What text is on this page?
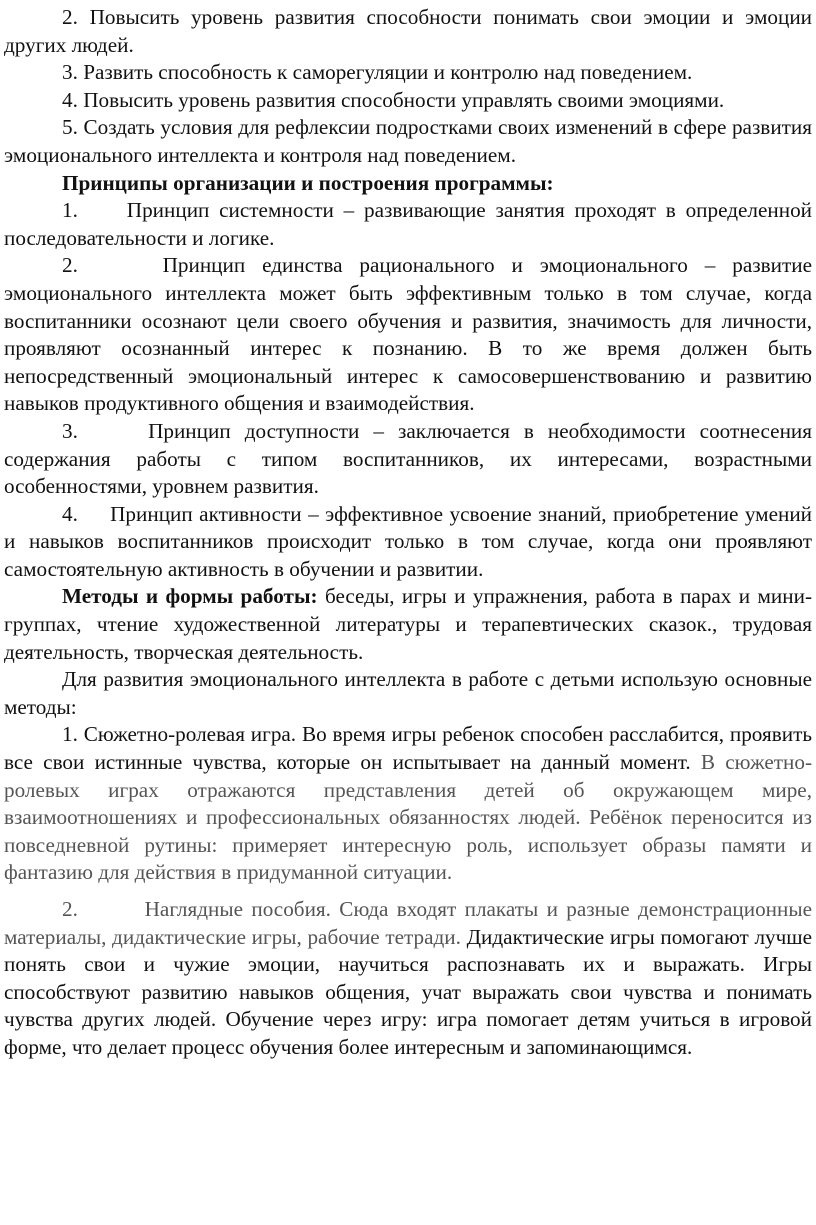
2. Повысить уровень развития способности понимать свои эмоции и эмоции других людей.

3. Развить способность к саморегуляции и контролю над поведением.

4. Повысить уровень развития способности управлять своими эмоциями.

5. Создать условия для рефлексии подростками своих изменений в сфере развития эмоционального интеллекта и контроля над поведением.

Принципы организации и построения программы:

1.     Принцип системности – развивающие занятия проходят в определенной последовательности и логике.

2.     Принцип единства рационального и эмоционального – развитие эмоционального интеллекта может быть эффективным только в том случае, когда воспитанники осознают цели своего обучения и развития, значимость для личности, проявляют осознанный интерес к познанию. В то же время должен быть непосредственный эмоциональный интерес к самосовершенствованию и развитию навыков продуктивного общения и взаимодействия.

3.     Принцип доступности – заключается в необходимости соотнесения содержания работы с типом воспитанников, их интересами, возрастными особенностями, уровнем развития.

4.     Принцип активности – эффективное усвоение знаний, приобретение умений и навыков воспитанников происходит только в том случае, когда они проявляют самостоятельную активность в обучении и развитии.

Методы и формы работы: беседы, игры и упражнения, работа в парах и мини-группах, чтение художественной литературы и терапевтических сказок., трудовая деятельность, творческая деятельность.

Для развития эмоционального интеллекта в работе с детьми использую основные методы:

1. Сюжетно-ролевая игра. Во время игры ребенок способен расслабится, проявить все свои истинные чувства, которые он испытывает на данный момент. В сюжетно-ролевых играх отражаются представления детей об окружающем мире, взаимоотношениях и профессиональных обязанностях людей. Ребёнок переносится из повседневной рутины: примеряет интересную роль, использует образы памяти и фантазию для действия в придуманной ситуации.

2.        Наглядные пособия. Сюда входят плакаты и разные демонстрационные материалы, дидактические игры, рабочие тетради. Дидактические игры помогают лучше понять свои и чужие эмоции, научиться распознавать их и выражать. Игры способствуют развитию навыков общения, учат выражать свои чувства и понимать чувства других людей. Обучение через игру: игра помогает детям учиться в игровой форме, что делает процесс обучения более интересным и запоминающимся.
